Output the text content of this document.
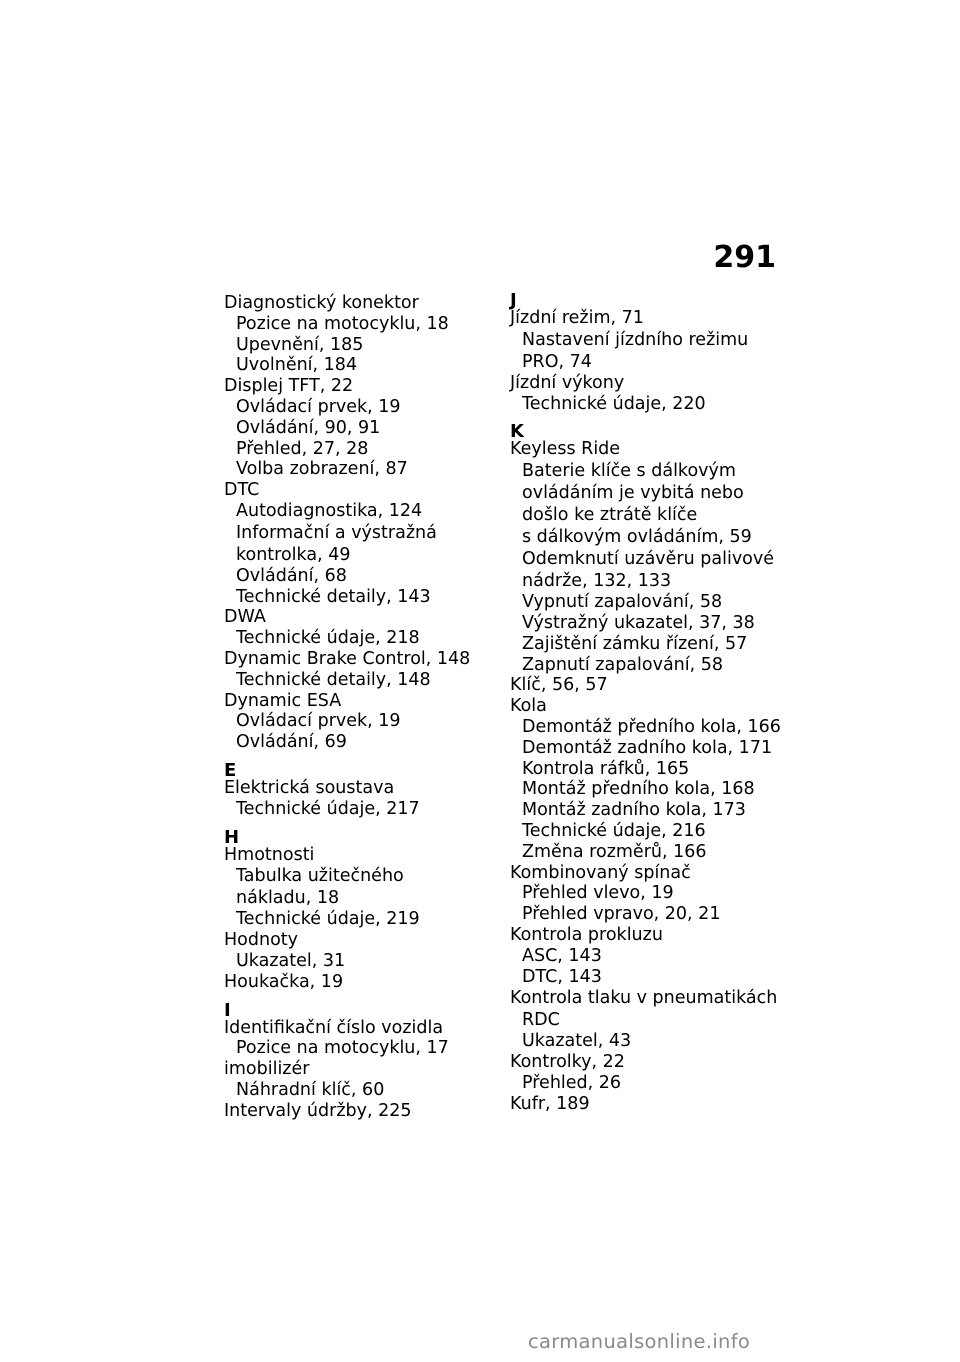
291
Diagnostický konektor
Pozice na motocyklu, 18
Upevnění, 185
Uvolnění, 184
Displej TFT, 22
Ovládací prvek, 19
Ovládání, 90, 91
Přehled, 27, 28
Volba zobrazení, 87
DTC
Autodiagnostika, 124
Informační a výstražná
kontrolka, 49
Ovládání, 68
Technické detaily, 143
DWA
Technické údaje, 218
Dynamic Brake Control, 148
Technické detaily, 148
Dynamic ESA
Ovládací prvek, 19
Ovládání, 69
E
Elektrická soustava
Technické údaje, 217
H
Hmotnosti
Tabulka užitečného
nákladu, 18
Technické údaje, 219
Hodnoty
Ukazatel, 31
Houkačka, 19
I
Identifikační číslo vozidla
Pozice na motocyklu, 17
imobilizér
Náhradní klíč, 60
Intervaly údržby, 225
J
Jízdní režim, 71
Nastavení jízdního režimu
PRO, 74
Jízdní výkony
Technické údaje, 220
K
Keyless Ride
Baterie klíče s dálkovým
ovládáním je vybitá nebo
došlo ke ztrátě klíče
s dálkovým ovládáním, 59
Odemknutí uzávěru palivové
nádrže, 132, 133
Vypnutí zapalování, 58
Výstražný ukazatel, 37, 38
Zajištění zámku řízení, 57
Zapnutí zapalování, 58
Klíč, 56, 57
Kola
Demontáž předního kola, 166
Demontáž zadního kola, 171
Kontrola ráfků, 165
Montáž předního kola, 168
Montáž zadního kola, 173
Technické údaje, 216
Změna rozměrů, 166
Kombinovaný spínač
Přehled vlevo, 19
Přehled vpravo, 20, 21
Kontrola prokluzu
ASC, 143
DTC, 143
Kontrola tlaku v pneumatikách
RDC
Ukazatel, 43
Kontrolky, 22
Přehled, 26
Kufr, 189
carmanualsonline.info
